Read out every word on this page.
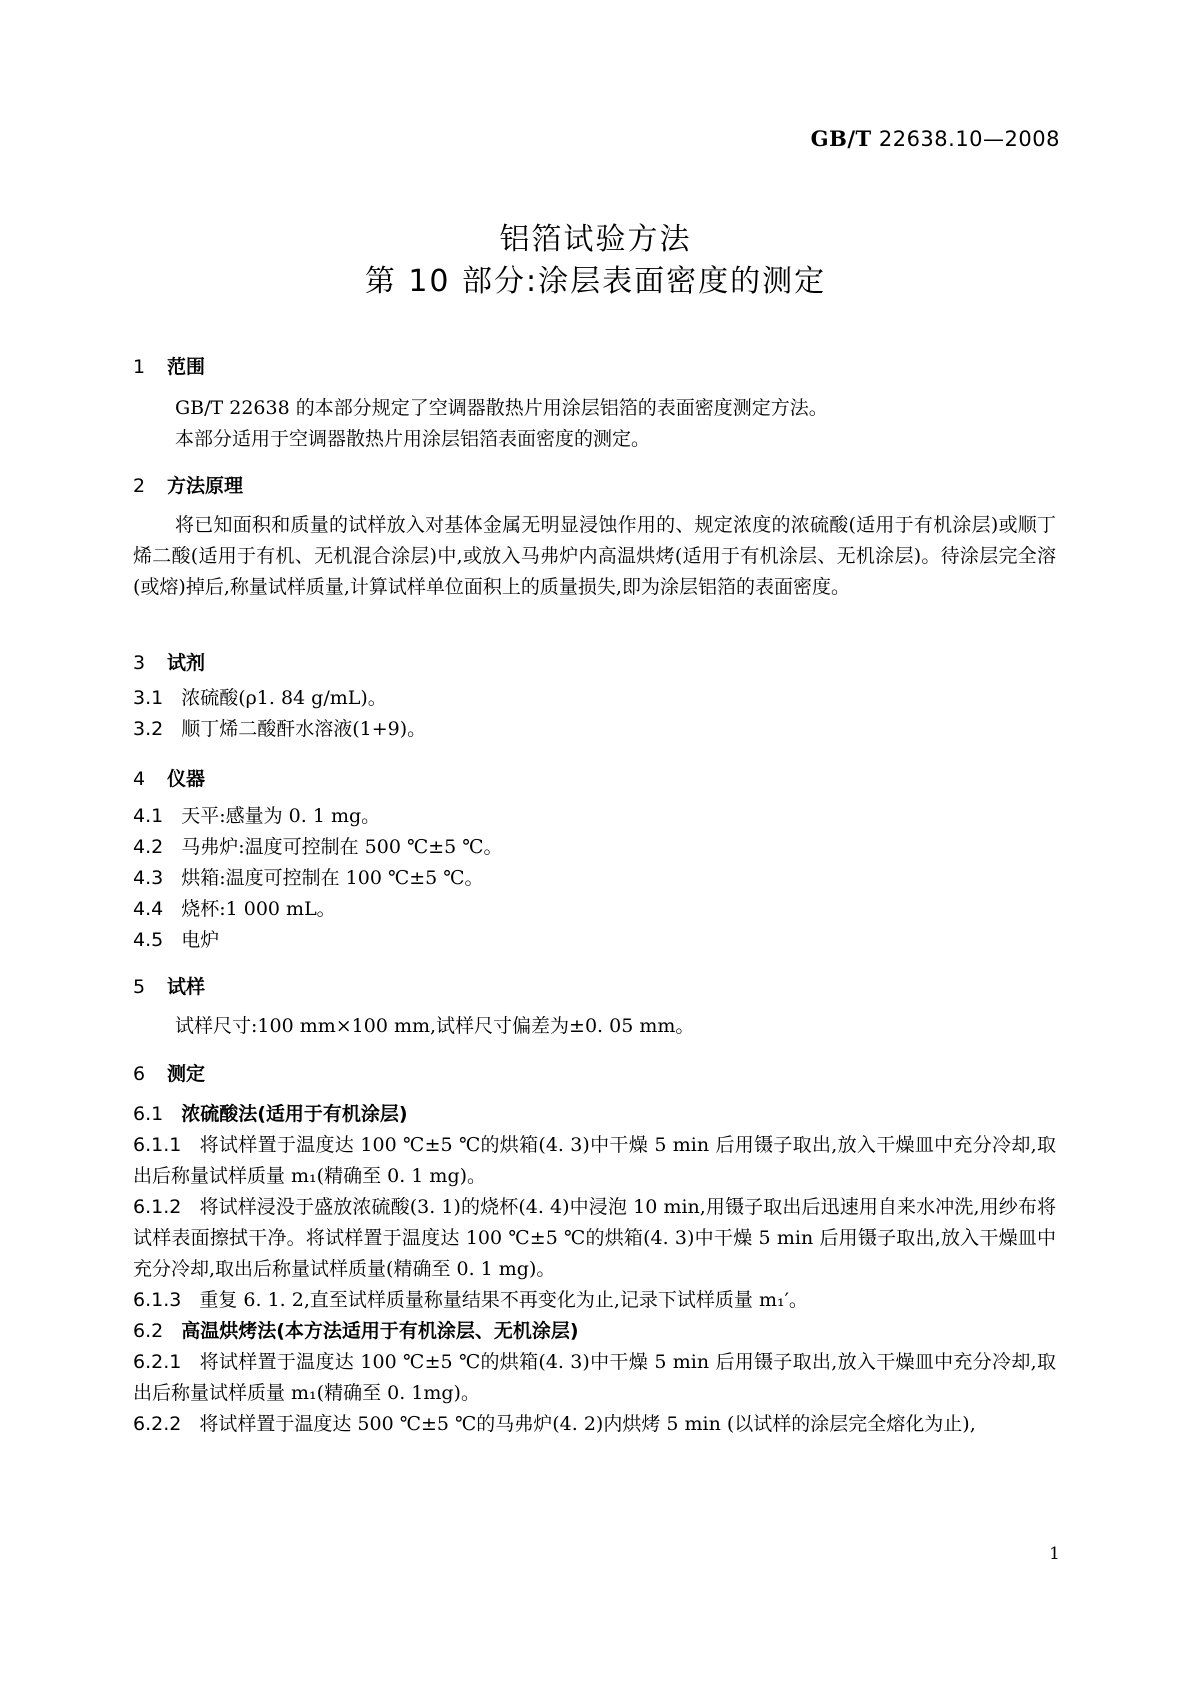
GB/T 22638.10—2008
铝箔试验方法
第 10 部分:涂层表面密度的测定
1 范围
GB/T 22638 的本部分规定了空调器散热片用涂层铝箔的表面密度测定方法。
本部分适用于空调器散热片用涂层铝箔表面密度的测定。
2 方法原理
将已知面积和质量的试样放入对基体金属无明显浸蚀作用的、规定浓度的浓硫酸(适用于有机涂层)或顺丁烯二酸(适用于有机、无机混合涂层)中,或放入马弗炉内高温烘烤(适用于有机涂层、无机涂层)。待涂层完全溶(或熔)掉后,称量试样质量,计算试样单位面积上的质量损失,即为涂层铝箔的表面密度。
3 试剂
3.1 浓硫酸(ρ1. 84 g/mL)。
3.2 顺丁烯二酸酐水溶液(1+9)。
4 仪器
4.1 天平:感量为 0. 1 mg。
4.2 马弗炉:温度可控制在 500 ℃±5 ℃。
4.3 烘箱:温度可控制在 100 ℃±5 ℃。
4.4 烧杯:1 000 mL。
4.5 电炉
5 试样
试样尺寸:100 mm×100 mm,试样尺寸偏差为±0. 05 mm。
6 测定
6.1 浓硫酸法(适用于有机涂层)
6.1.1 将试样置于温度达 100 ℃±5 ℃的烘箱(4. 3)中干燥 5 min 后用镊子取出,放入干燥皿中充分冷却,取出后称量试样质量 m₁(精确至 0. 1 mg)。
6.1.2 将试样浸没于盛放浓硫酸(3. 1)的烧杯(4. 4)中浸泡 10 min,用镊子取出后迅速用自来水冲洗,用纱布将试样表面擦拭干净。将试样置于温度达 100 ℃±5 ℃的烘箱(4. 3)中干燥 5 min 后用镊子取出,放入干燥皿中充分冷却,取出后称量试样质量(精确至 0. 1 mg)。
6.1.3 重复 6. 1. 2,直至试样质量称量结果不再变化为止,记录下试样质量 m₁′。
6.2 高温烘烤法(本方法适用于有机涂层、无机涂层)
6.2.1 将试样置于温度达 100 ℃±5 ℃的烘箱(4. 3)中干燥 5 min 后用镊子取出,放入干燥皿中充分冷却,取出后称量试样质量 m₁(精确至 0. 1mg)。
6.2.2 将试样置于温度达 500 ℃±5 ℃的马弗炉(4. 2)内烘烤 5 min (以试样的涂层完全熔化为止),
1
